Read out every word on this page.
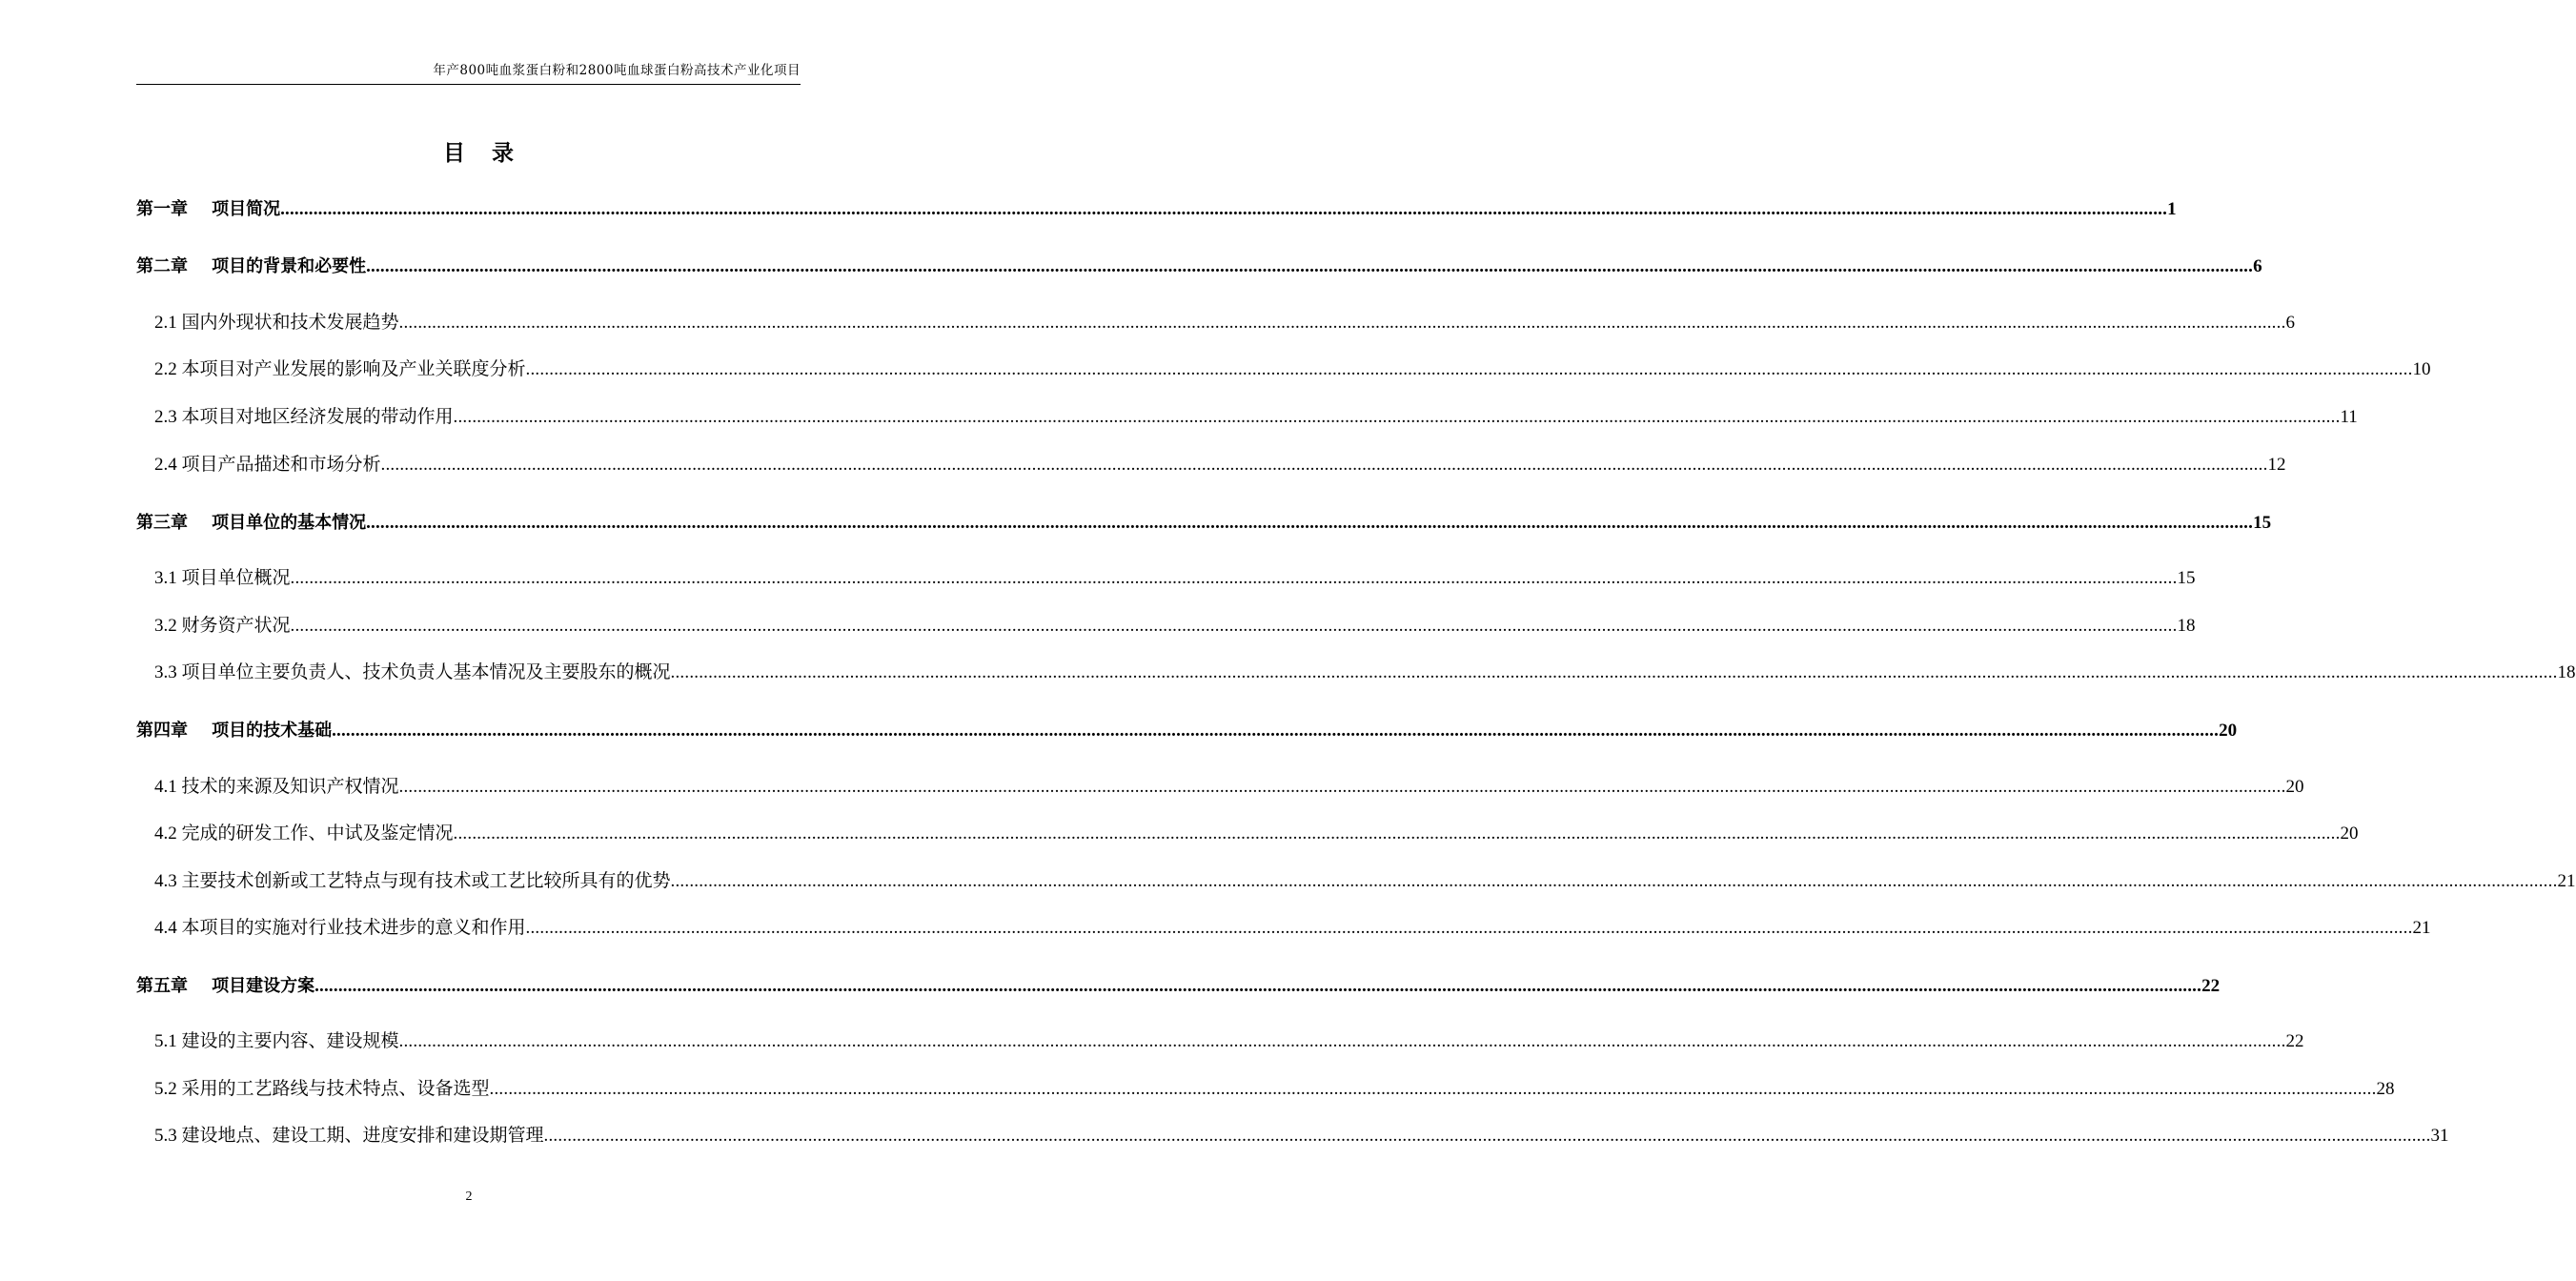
年产800吨血浆蛋白粉和2800吨血球蛋白粉高技术产业化项目
目 录
第一章 项目简况 ................................................................................................................................................................................................................................................................................................................................................................................................................ 1
第二章 项目的背景和必要性 ................................................................................................................................................................................................................................................................................................................................................................................................................ 6
2.1 国内外现状和技术发展趋势 ................................................................................................................................................................................................................................................................................................................................................................................................................ 6
2.2 本项目对产业发展的影响及产业关联度分析 ................................................................................................................................................................................................................................................................................................................................................................................................................ 10
2.3 本项目对地区经济发展的带动作用 ................................................................................................................................................................................................................................................................................................................................................................................................................ 11
2.4 项目产品描述和市场分析 ................................................................................................................................................................................................................................................................................................................................................................................................................ 12
第三章 项目单位的基本情况 ................................................................................................................................................................................................................................................................................................................................................................................................................ 15
3.1 项目单位概况 ................................................................................................................................................................................................................................................................................................................................................................................................................ 15
3.2 财务资产状况 ................................................................................................................................................................................................................................................................................................................................................................................................................ 18
3.3 项目单位主要负责人、技术负责人基本情况及主要股东的概况 ................................................................................................................................................................................................................................................................................................................................................................................................................ 18
第四章 项目的技术基础 ................................................................................................................................................................................................................................................................................................................................................................................................................ 20
4.1 技术的来源及知识产权情况 ................................................................................................................................................................................................................................................................................................................................................................................................................ 20
4.2 完成的研发工作、中试及鉴定情况 ................................................................................................................................................................................................................................................................................................................................................................................................................ 20
4.3 主要技术创新或工艺特点与现有技术或工艺比较所具有的优势 ................................................................................................................................................................................................................................................................................................................................................................................................................ 21
4.4 本项目的实施对行业技术进步的意义和作用 ................................................................................................................................................................................................................................................................................................................................................................................................................ 21
第五章 项目建设方案 ................................................................................................................................................................................................................................................................................................................................................................................................................ 22
5.1 建设的主要内容、建设规模 ................................................................................................................................................................................................................................................................................................................................................................................................................ 22
5.2 采用的工艺路线与技术特点、设备选型 ................................................................................................................................................................................................................................................................................................................................................................................................................ 28
5.3 建设地点、建设工期、进度安排和建设期管理 ................................................................................................................................................................................................................................................................................................................................................................................................................ 31
2
